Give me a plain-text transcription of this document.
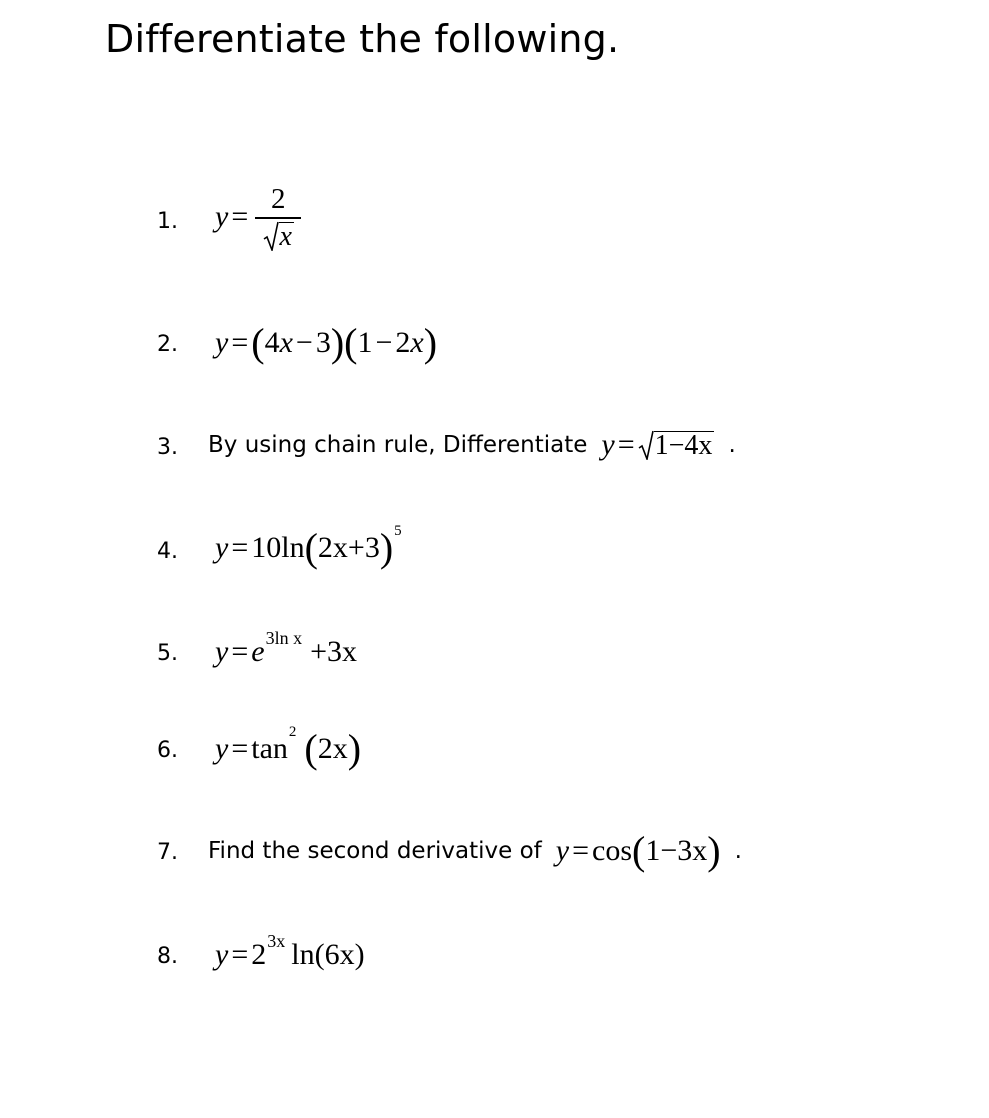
Differentiate the following.
1. $y = \frac{2}{x}$
2. y = ( 4 x − 3 ) ( 1 − 2 x )
3. By using chain rule, Differentiate y = 1−4x .
4. y = 10 ln ( 2x+3 ) 5
5. y = e 3ln x +3x
6. y = tan 2 ( 2x )
7. Find the second derivative of y = cos ( 1−3x ) .
8. y = 2 3x ln ( 6x )
